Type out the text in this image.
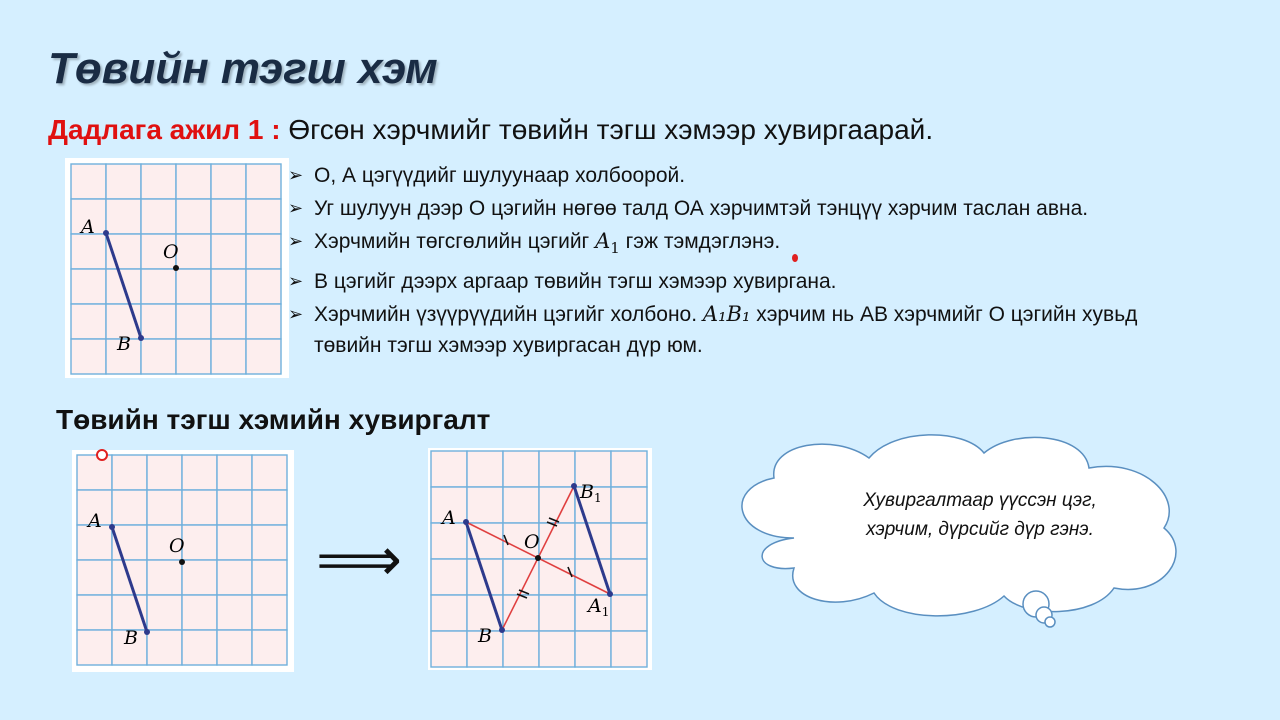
Төвийн тэгш хэм
Дадлага ажил 1 : Өгсөн хэрчмийг төвийн тэгш хэмээр хувиргаарай.
A
O
B
➢ О, А цэгүүдийг шулуунаар холбоорой.
➢ Уг шулуун дээр О цэгийн нөгөө талд ОА хэрчимтэй тэнцүү хэрчим таслан авна.
➢ Хэрчмийн төгсгөлийн цэгийг $A_1$ гэж тэмдэглэнэ.
➢ В цэгийг дээрх аргаар төвийн тэгш хэмээр хувиргана.
➢ Хэрчмийн үзүүрүүдийн цэгийг холбоно. A₁B₁ хэрчим нь АВ хэрчмийг О цэгийн хувьд төвийн тэгш хэмээр хувиргасан дүр юм.
Төвийн тэгш хэмийн хувиргалт
A
O
B
⟹
A
O
B
$B_1$
$A_1$
Хувиргалтаар үүссэн цэг,
хэрчим, дүрсийг дүр гэнэ.
